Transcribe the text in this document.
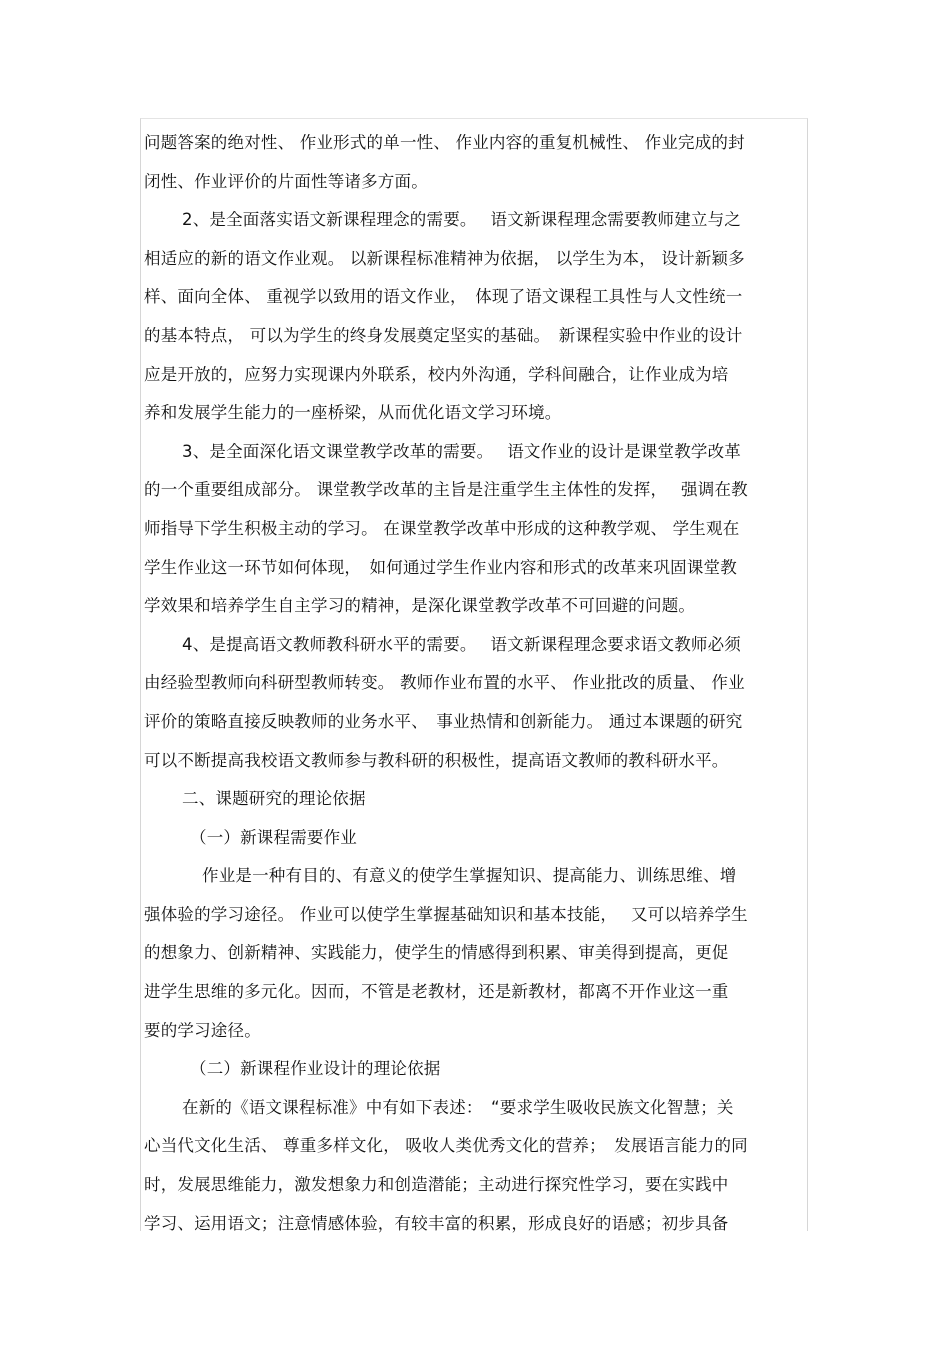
问题答案的绝对性、 作业形式的单一性、 作业内容的重复机械性、 作业完成的封
闭性、作业评价的片面性等诸多方面。
2、是全面落实语文新课程理念的需要。　 语文新课程理念需要教师建立与之
相适应的新的语文作业观。 以新课程标准精神为依据， 以学生为本， 设计新颖多
样、面向全体、 重视学以致用的语文作业，　体现了语文课程工具性与人文性统一
的基本特点， 可以为学生的终身发展奠定坚实的基础。　新课程实验中作业的设计
应是开放的，应努力实现课内外联系，校内外沟通，学科间融合，让作业成为培
养和发展学生能力的一座桥梁，从而优化语文学习环境。
3、是全面深化语文课堂教学改革的需要。　 语文作业的设计是课堂教学改革
的一个重要组成部分。 课堂教学改革的主旨是注重学生主体性的发挥，　 强调在教
师指导下学生积极主动的学习。 在课堂教学改革中形成的这种教学观、 学生观在
学生作业这一环节如何体现，　如何通过学生作业内容和形式的改革来巩固课堂教
学效果和培养学生自主学习的精神，是深化课堂教学改革不可回避的问题。
4、是提高语文教师教科研水平的需要。　 语文新课程理念要求语文教师必须
由经验型教师向科研型教师转变。 教师作业布置的水平、 作业批改的质量、 作业
评价的策略直接反映教师的业务水平、　事业热情和创新能力。 通过本课题的研究
可以不断提高我校语文教师参与教科研的积极性，提高语文教师的教科研水平。
二、课题研究的理论依据
（一）新课程需要作业
作业是一种有目的、有意义的使学生掌握知识、提高能力、训练思维、增
强体验的学习途径。 作业可以使学生掌握基础知识和基本技能，　 又可以培养学生
的想象力、创新精神、实践能力，使学生的情感得到积累、审美得到提高，更促
进学生思维的多元化。因而，不管是老教材，还是新教材，都离不开作业这一重
要的学习途径。
（二）新课程作业设计的理论依据
在新的《语文课程标准》中有如下表述：　“要求学生吸收民族文化智慧；关
心当代文化生活、 尊重多样文化， 吸收人类优秀文化的营养；　发展语言能力的同
时，发展思维能力，激发想象力和创造潜能；主动进行探究性学习，要在实践中
学习、运用语文；注意情感体验，有较丰富的积累，形成良好的语感；初步具备
